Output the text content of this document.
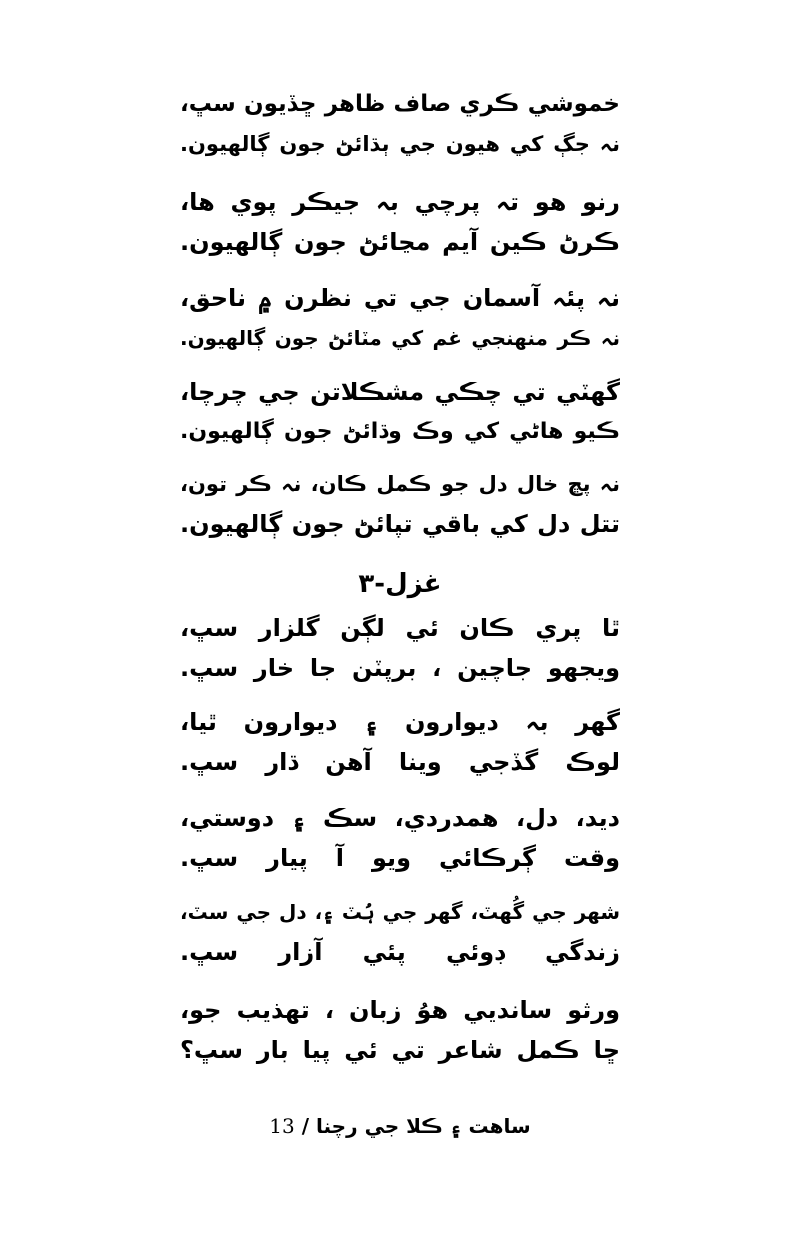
خموشي ڪري صاف ظاهر ڇڏيون سڀ،
نہ جڳ کي هيون جي ٻڌائڻ جون ڳالهيون.
رنو هو تہ پرچي بہ جيڪر پوي ها،
ڪرڻ ڪين آيم مڃائڻ جون ڳالهيون.
نہ پئہ آسمان جي تي نظرن ۾ ناحق،
نہ ڪر منهنجي غم کي مٽائڻ جون ڳالهيون.
گھٽي تي چڪي مشڪلاتن جي چرچا،
ڪيو هاڻي کي وڪ وڌائڻ جون ڳالهيون.
نہ پڇ خال دل جو ڪمل ڪان، نہ ڪر تون،
تتل دل کي باقي تپائڻ جون ڳالهيون.
غزل-٣
ٿا پري ڪان ئي لڳن گلزار سڀ،
ويجهو جاچين ، برپٽن جا خار سڀ.
گهر بہ ديوارون ۽ ديوارون ٿيا،
لوڪ گڏجي وينا آهن ڌار سڀ.
ديد، دل، همدردي، سڪ ۽ دوستي،
وقت ڳرڪائي ويو آ پيار سڀ.
شهر جي گُھٽ، گهر جي ہُٽ ۽، دل جي سٽ،
زندگي ڊوئي پئي آزار سڀ.
ورثو سانديي هوُ زبان ، تهذيب جو،
ڇا ڪمل شاعر تي ئي پيا بار سڀ؟
ساهت ۽ ڪلا جي رچنا / 13
